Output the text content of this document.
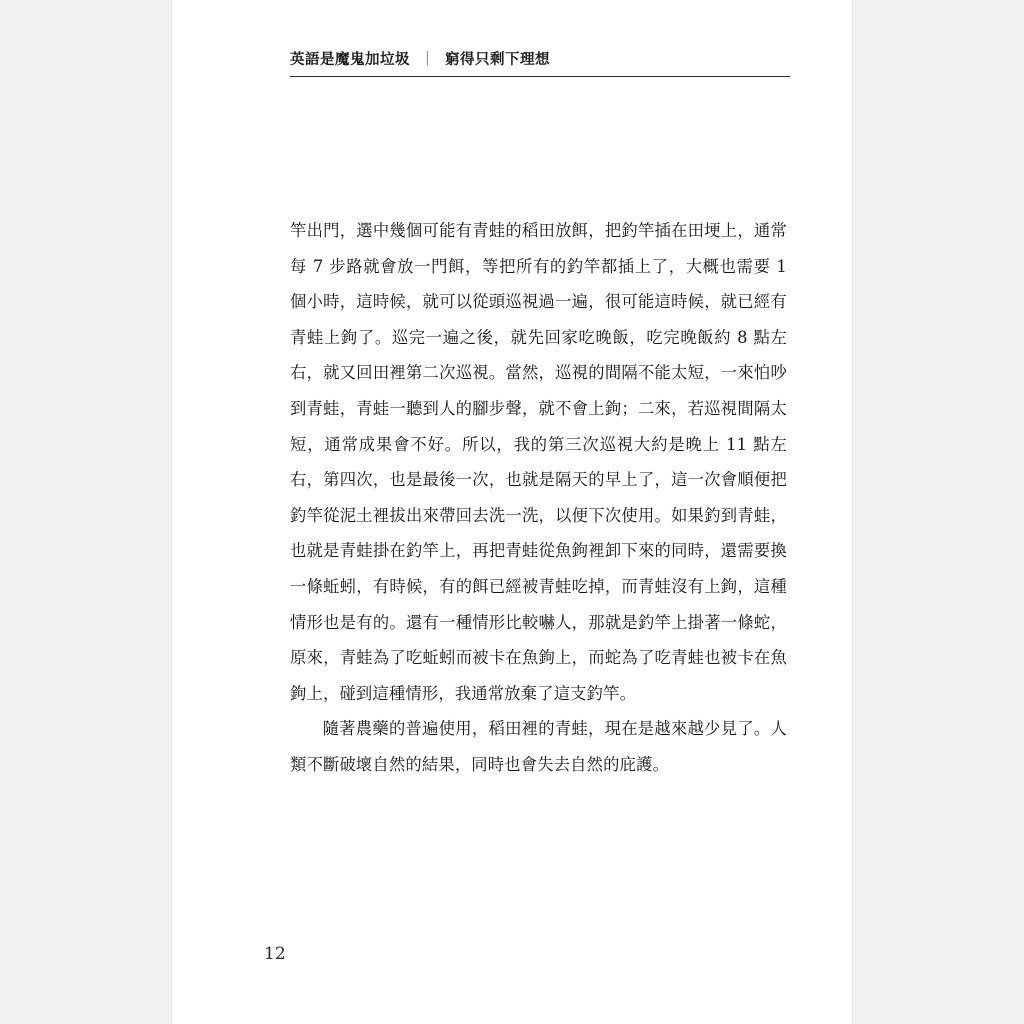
英語是魔鬼加垃圾 ｜ 窮得只剩下理想

竿出門，選中幾個可能有青蛙的稻田放餌，把釣竿插在田埂上，通常每 7 步路就會放一門餌，等把所有的釣竿都插上了，大概也需要 1 個小時，這時候，就可以從頭巡視過一遍，很可能這時候，就已經有青蛙上鉤了。巡完一遍之後，就先回家吃晚飯，吃完晚飯約 8 點左右，就又回田裡第二次巡視。當然，巡視的間隔不能太短，一來怕吵到青蛙，青蛙一聽到人的腳步聲，就不會上鉤；二來，若巡視間隔太短，通常成果會不好。所以，我的第三次巡視大約是晚上 11 點左右，第四次，也是最後一次，也就是隔天的早上了，這一次會順便把釣竿從泥土裡拔出來帶回去洗一洗，以便下次使用。如果釣到青蛙，也就是青蛙掛在釣竿上，再把青蛙從魚鉤裡卸下來的同時，還需要換一條蚯蚓，有時候，有的餌已經被青蛙吃掉，而青蛙沒有上鉤，這種情形也是有的。還有一種情形比較嚇人，那就是釣竿上掛著一條蛇，原來，青蛙為了吃蚯蚓而被卡在魚鉤上，而蛇為了吃青蛙也被卡在魚鉤上，碰到這種情形，我通常放棄了這支釣竿。

隨著農藥的普遍使用，稻田裡的青蛙，現在是越來越少見了。人類不斷破壞自然的結果，同時也會失去自然的庇護。

12
